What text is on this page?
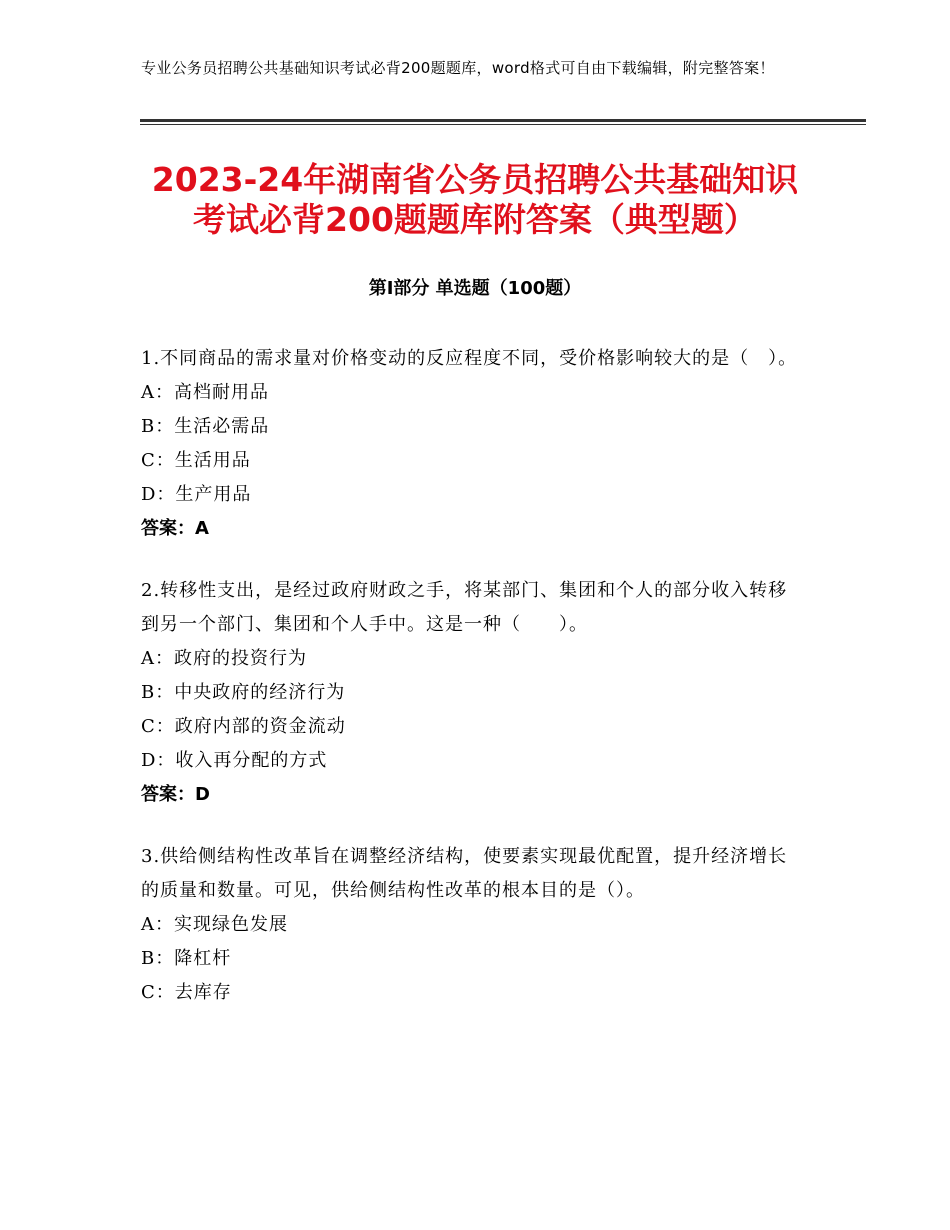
专业公务员招聘公共基础知识考试必背200题题库，word格式可自由下载编辑，附完整答案！
2023-24年湖南省公务员招聘公共基础知识
考试必背200题题库附答案（典型题）
第Ⅰ部分 单选题（100题）
1.不同商品的需求量对价格变动的反应程度不同，受价格影响较大的是（　）。
A：高档耐用品
B：生活必需品
C：生活用品
D：生产用品
答案：A
2.转移性支出，是经过政府财政之手，将某部门、集团和个人的部分收入转移到另一个部门、集团和个人手中。这是一种（　　）。
A：政府的投资行为
B：中央政府的经济行为
C：政府内部的资金流动
D：收入再分配的方式
答案：D
3.供给侧结构性改革旨在调整经济结构，使要素实现最优配置，提升经济增长的质量和数量。可见，供给侧结构性改革的根本目的是（）。
A：实现绿色发展
B：降杠杆
C：去库存
